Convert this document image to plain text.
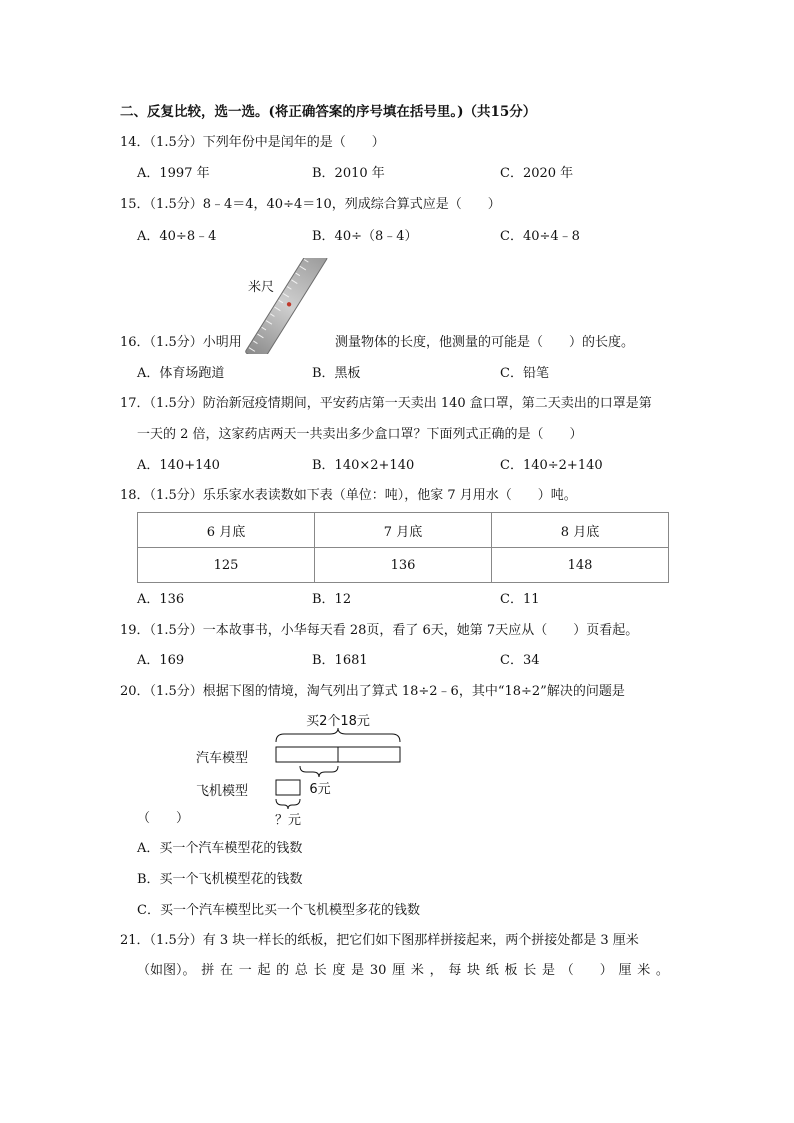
二、反复比较，选一选。(将正确答案的序号填在括号里。)（共15分）
14．（1.5分）下列年份中是闰年的是（　　）
A．1997 年	B．2010 年	C．2020 年
15．（1.5分）8﹣4＝4，40÷4＝10，列成综合算式应是（　　）
A．40÷8﹣4	B．40÷（8﹣4）	C．40÷4﹣8
米尺
16．（1.5分）小明用	测量物体的长度，他测量的可能是（　　）的长度。
A．体育场跑道	B．黑板	C．铅笔
17．（1.5分）防治新冠疫情期间，平安药店第一天卖出 140 盒口罩，第二天卖出的口罩是第
一天的 2 倍，这家药店两天一共卖出多少盒口罩？下面列式正确的是（　　）
A．140+140	B．140×2+140	C．140÷2+140
18．（1.5分）乐乐家水表读数如下表（单位：吨），他家 7 月用水（　　）吨。
6 月底	7 月底	8 月底
125	136	148
A．136	B．12	C．11
19．（1.5分）一本故事书，小华每天看 28页，看了 6天，她第 7天应从（　　）页看起。
A．169	B．1681	C．34
20．（1.5分）根据下图的情境，淘气列出了算式 18÷2﹣6，其中“18÷2”解决的问题是
买2个18元
汽车模型
6元
飞机模型
？元
（　　）
A．买一个汽车模型花的钱数
B．买一个飞机模型花的钱数
C．买一个汽车模型比买一个飞机模型多花的钱数
21．（1.5分）有 3 块一样长的纸板，把它们如下图那样拼接起来，两个拼接处都是 3 厘米
（如图）。 拼 在 一 起 的 总 长 度 是 30 厘 米 ， 每 块 纸 板 长 是 （　　） 厘 米 。
